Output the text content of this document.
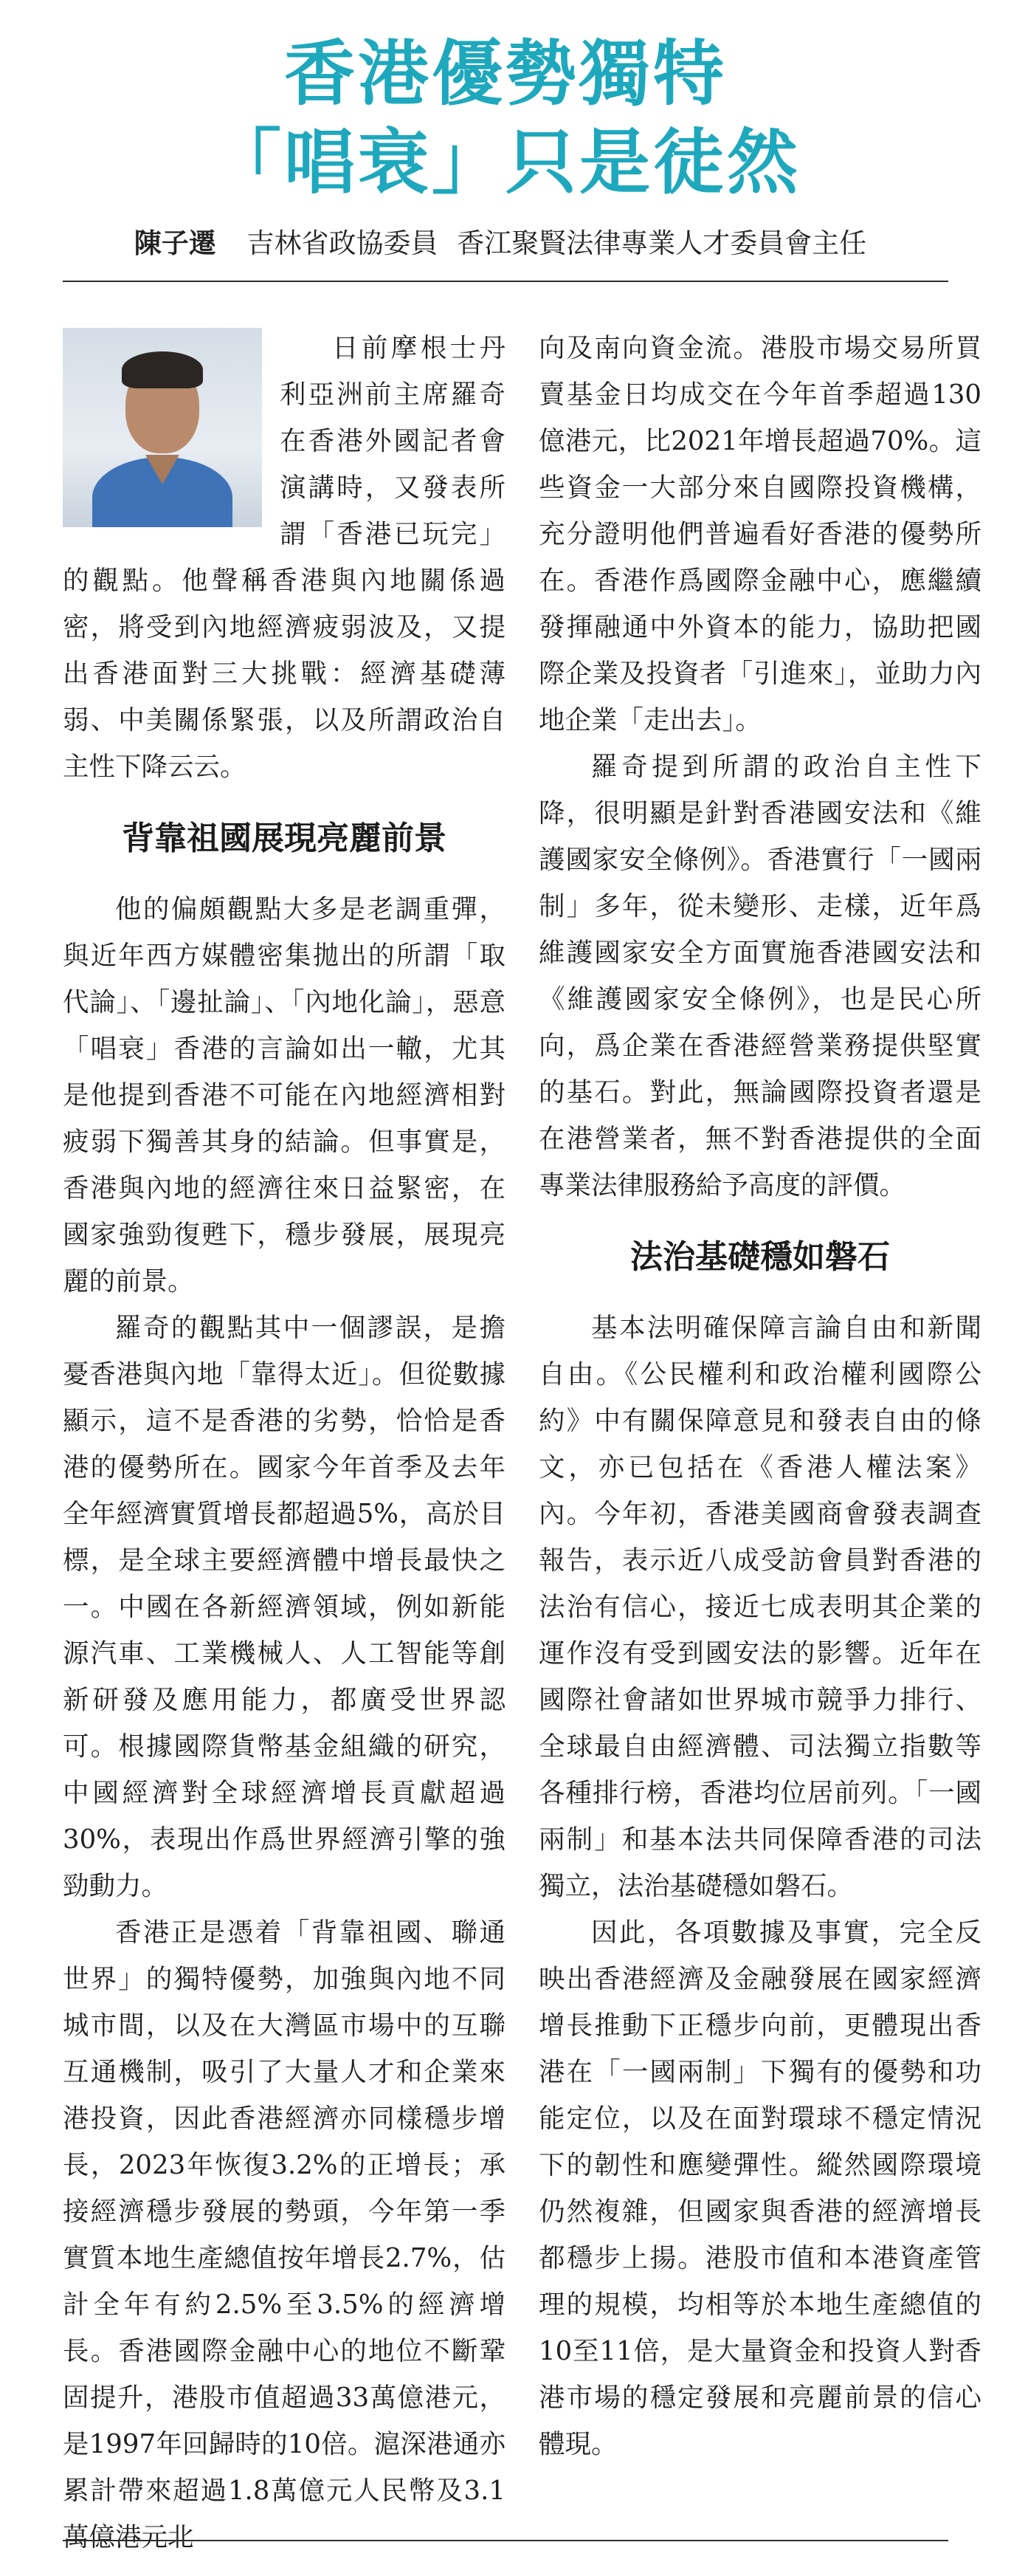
香港優勢獨特
「唱衰」只是徒然
陳子遷 吉林省政協委員 香江聚賢法律專業人才委員會主任

日前摩根士丹利亞洲前主席羅奇在香港外國記者會演講時，又發表所謂「香港已玩完」的觀點。他聲稱香港與內地關係過密，將受到內地經濟疲弱波及，又提出香港面對三大挑戰：經濟基礎薄弱、中美關係緊張，以及所謂政治自主性下降云云。

背靠祖國展現亮麗前景

他的偏頗觀點大多是老調重彈，與近年西方媒體密集拋出的所謂「取代論」、「邊扯論」、「內地化論」，惡意「唱衰」香港的言論如出一轍，尤其是他提到香港不可能在內地經濟相對疲弱下獨善其身的結論。但事實是，香港與內地的經濟往來日益緊密，在國家強勁復甦下，穩步發展，展現亮麗的前景。

羅奇的觀點其中一個謬誤，是擔憂香港與內地「靠得太近」。但從數據顯示，這不是香港的劣勢，恰恰是香港的優勢所在。國家今年首季及去年全年經濟實質增長都超過5%，高於目標，是全球主要經濟體中增長最快之一。中國在各新經濟領域，例如新能源汽車、工業機械人、人工智能等創新研發及應用能力，都廣受世界認可。根據國際貨幣基金組織的研究，中國經濟對全球經濟增長貢獻超過30%，表現出作爲世界經濟引擎的強勁動力。

香港正是憑着「背靠祖國、聯通世界」的獨特優勢，加強與內地不同城市間，以及在大灣區市場中的互聯互通機制，吸引了大量人才和企業來港投資，因此香港經濟亦同樣穩步增長，2023年恢復3.2%的正增長；承接經濟穩步發展的勢頭，今年第一季實質本地生產總值按年增長2.7%，估計全年有約2.5%至3.5%的經濟增長。香港國際金融中心的地位不斷鞏固提升，港股市值超過33萬億港元，是1997年回歸時的10倍。滬深港通亦累計帶來超過1.8萬億元人民幣及3.1萬億港元北

向及南向資金流。港股市場交易所買賣基金日均成交在今年首季超過130億港元，比2021年增長超過70%。這些資金一大部分來自國際投資機構，充分證明他們普遍看好香港的優勢所在。香港作爲國際金融中心，應繼續發揮融通中外資本的能力，協助把國際企業及投資者「引進來」，並助力內地企業「走出去」。

羅奇提到所謂的政治自主性下降，很明顯是針對香港國安法和《維護國家安全條例》。香港實行「一國兩制」多年，從未變形、走樣，近年爲維護國家安全方面實施香港國安法和《維護國家安全條例》，也是民心所向，爲企業在香港經營業務提供堅實的基石。對此，無論國際投資者還是在港營業者，無不對香港提供的全面專業法律服務給予高度的評價。

法治基礎穩如磐石

基本法明確保障言論自由和新聞自由。《公民權利和政治權利國際公約》中有關保障意見和發表自由的條文，亦已包括在《香港人權法案》內。今年初，香港美國商會發表調查報告，表示近八成受訪會員對香港的法治有信心，接近七成表明其企業的運作沒有受到國安法的影響。近年在國際社會諸如世界城市競爭力排行、全球最自由經濟體、司法獨立指數等各種排行榜，香港均位居前列。「一國兩制」和基本法共同保障香港的司法獨立，法治基礎穩如磐石。

因此，各項數據及事實，完全反映出香港經濟及金融發展在國家經濟增長推動下正穩步向前，更體現出香港在「一國兩制」下獨有的優勢和功能定位，以及在面對環球不穩定情況下的韌性和應變彈性。縱然國際環境仍然複雜，但國家與香港的經濟增長都穩步上揚。港股市值和本港資產管理的規模，均相等於本地生產總值的10至11倍，是大量資金和投資人對香港市場的穩定發展和亮麗前景的信心體現。
